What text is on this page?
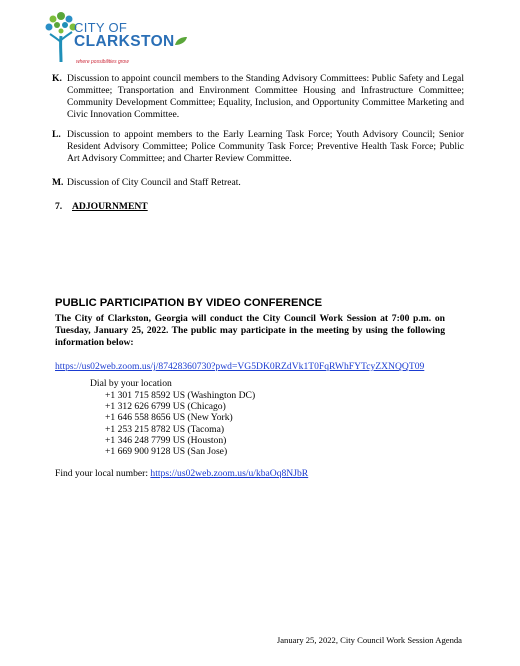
CITY OF
CLARKSTON
where possibilities grow
K. Discussion to appoint council members to the Standing Advisory Committees: Public Safety and Legal Committee; Transportation and Environment Committee Housing and Infrastructure Committee; Community Development Committee; Equality, Inclusion, and Opportunity Committee Marketing and Civic Innovation Committee.
L. Discussion to appoint members to the Early Learning Task Force; Youth Advisory Council; Senior Resident Advisory Committee; Police Community Task Force; Preventive Health Task Force; Public Art Advisory Committee; and Charter Review Committee.
M. Discussion of City Council and Staff Retreat.
7. ADJOURNMENT
PUBLIC PARTICIPATION BY VIDEO CONFERENCE
The City of Clarkston, Georgia will conduct the City Council Work Session at 7:00 p.m. on Tuesday, January 25, 2022. The public may participate in the meeting by using the following information below:
https://us02web.zoom.us/j/87428360730?pwd=VG5DK0RZdVk1T0FqRWhFYTcyZXNQQT09
Dial by your location
+1 301 715 8592 US (Washington DC)
+1 312 626 6799 US (Chicago)
+1 646 558 8656 US (New York)
+1 253 215 8782 US (Tacoma)
+1 346 248 7799 US (Houston)
+1 669 900 9128 US (San Jose)
Find your local number: https://us02web.zoom.us/u/kbaOq8NJbR
January 25, 2022, City Council Work Session Agenda
